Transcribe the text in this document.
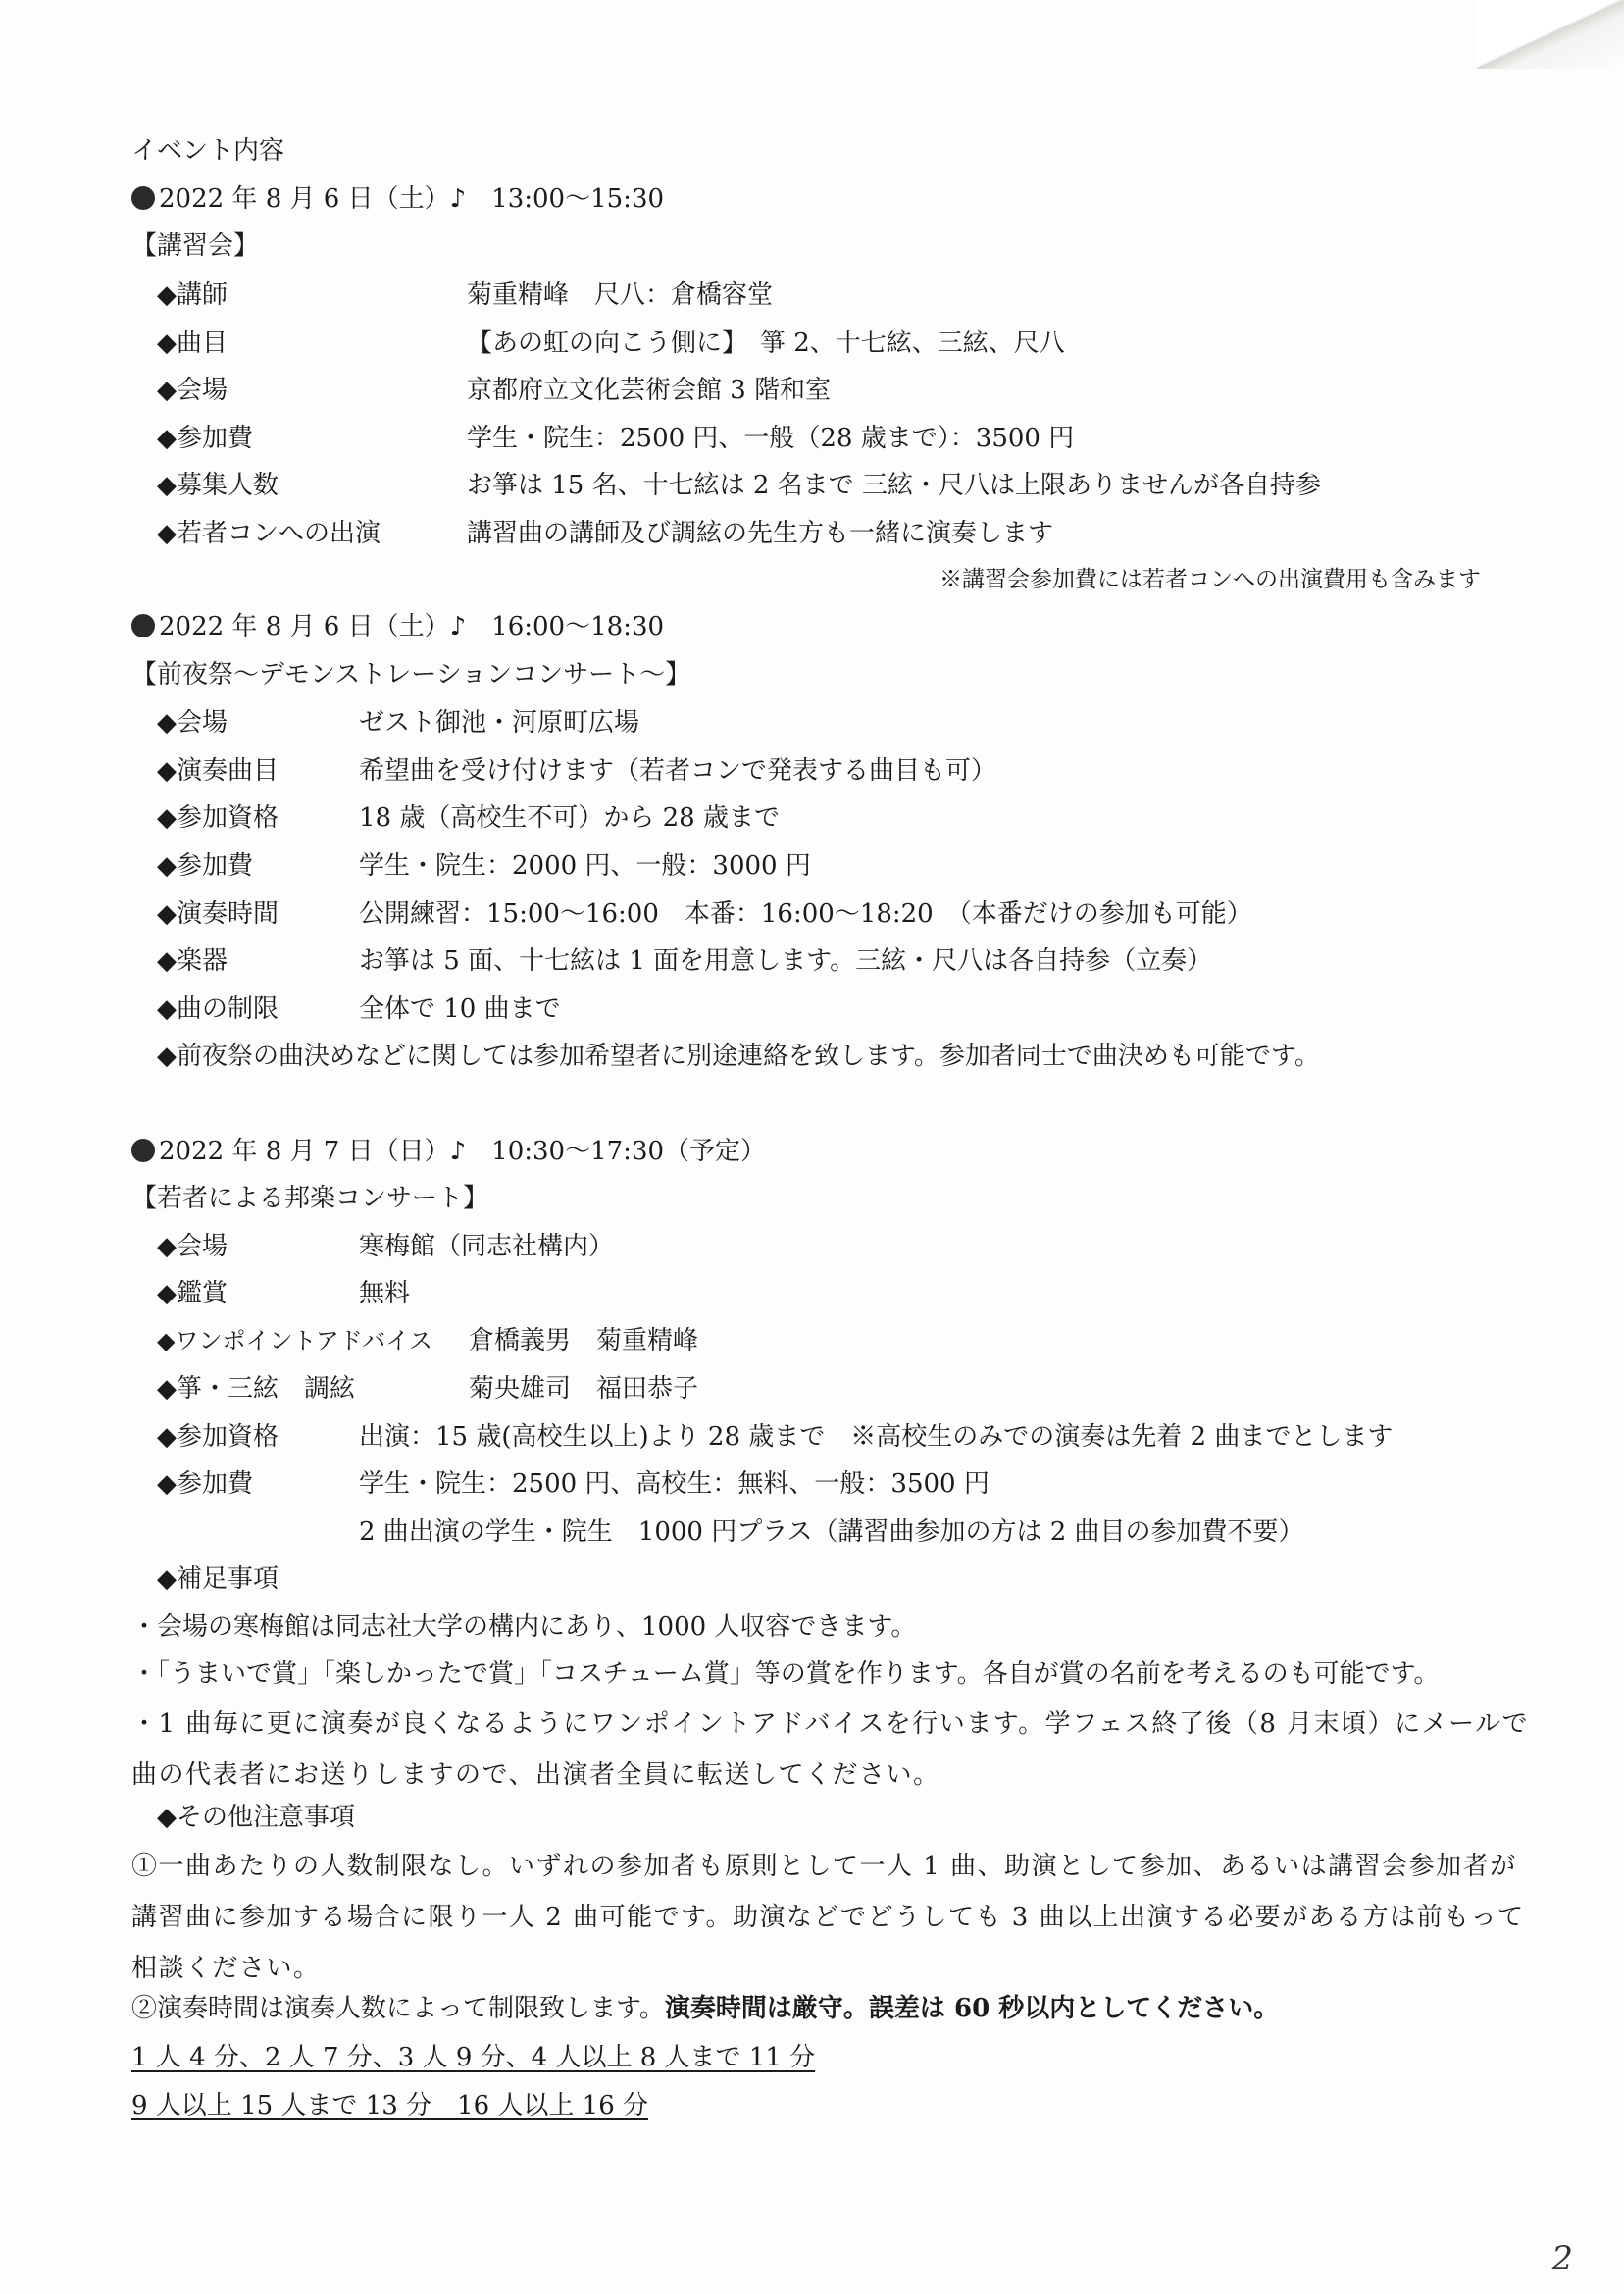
イベント内容
2022 年 8 月 6 日（土）♪　13:00～15:30
【講習会】
◆講師	菊重精峰　尺八：倉橋容堂
◆曲目	【あの虹の向こう側に】　箏 2、十七絃、三絃、尺八
◆会場	京都府立文化芸術会館 3 階和室
◆参加費	学生・院生：2500 円、一般（28 歳まで）：3500 円
◆募集人数	お箏は 15 名、十七絃は 2 名まで 三絃・尺八は上限ありませんが各自持参
◆若者コンへの出演	講習曲の講師及び調絃の先生方も一緒に演奏します
※講習会参加費には若者コンへの出演費用も含みます
2022 年 8 月 6 日（土）♪　16:00～18:30
【前夜祭～デモンストレーションコンサート～】
◆会場	ゼスト御池・河原町広場
◆演奏曲目	希望曲を受け付けます（若者コンで発表する曲目も可）
◆参加資格	18 歳（高校生不可）から 28 歳まで
◆参加費	学生・院生：2000 円、一般：3000 円
◆演奏時間	公開練習：15:00～16:00　本番：16:00～18:20　（本番だけの参加も可能）
◆楽器	お箏は 5 面、十七絃は 1 面を用意します。三絃・尺八は各自持参（立奏）
◆曲の制限	全体で 10 曲まで
◆前夜祭の曲決めなどに関しては参加希望者に別途連絡を致します。参加者同士で曲決めも可能です。
2022 年 8 月 7 日（日）♪　10:30～17:30（予定）
【若者による邦楽コンサート】
◆会場	寒梅館（同志社構内）
◆鑑賞	無料
◆ワンポイントアドバイス 倉橋義男　菊重精峰
◆箏・三絃　調絃	菊央雄司　福田恭子
◆参加資格	出演：15 歳(高校生以上)より 28 歳まで　※高校生のみでの演奏は先着 2 曲までとします
◆参加費	学生・院生：2500 円、高校生：無料、一般：3500 円
2 曲出演の学生・院生　1000 円プラス（講習曲参加の方は 2 曲目の参加費不要）
◆補足事項
・会場の寒梅館は同志社大学の構内にあり、1000 人収容できます。
・「うまいで賞」「楽しかったで賞」「コスチューム賞」等の賞を作ります。各自が賞の名前を考えるのも可能です。
・1 曲毎に更に演奏が良くなるようにワンポイントアドバイスを行います。学フェス終了後（8 月末頃）にメールで曲の代表者にお送りしますので、出演者全員に転送してください。
◆その他注意事項
①一曲あたりの人数制限なし。いずれの参加者も原則として一人 1 曲、助演として参加、あるいは講習会参加者が講習曲に参加する場合に限り一人 2 曲可能です。助演などでどうしても 3 曲以上出演する必要がある方は前もって相談ください。
②演奏時間は演奏人数によって制限致します。演奏時間は厳守。誤差は 60 秒以内としてください。
1 人 4 分、2 人 7 分、3 人 9 分、4 人以上 8 人まで 11 分
9 人以上 15 人まで 13 分　16 人以上 16 分
2
